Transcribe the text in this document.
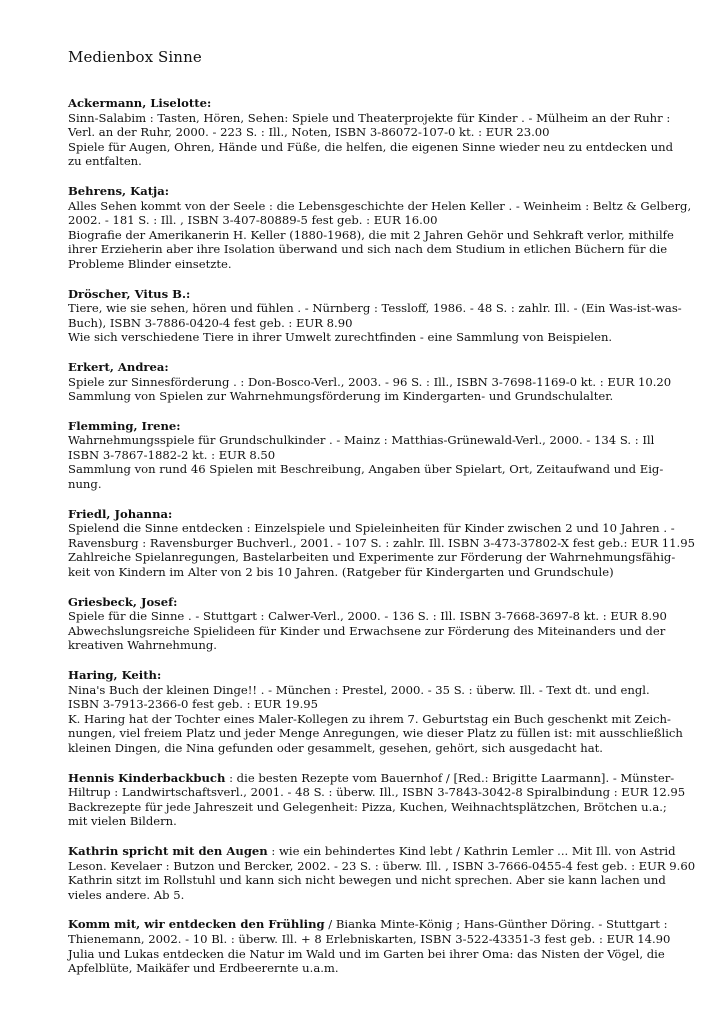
Medienbox Sinne
Ackermann, Liselotte:
Sinn-Salabim : Tasten, Hören, Sehen: Spiele und Theaterprojekte für Kinder . - Mülheim an der Ruhr :
Verl. an der Ruhr, 2000. - 223 S. : Ill., Noten, ISBN 3-86072-107-0 kt. : EUR 23.00
Spiele für Augen, Ohren, Hände und Füße, die helfen, die eigenen Sinne wieder neu zu entdecken und
zu entfalten.
Behrens, Katja:
Alles Sehen kommt von der Seele : die Lebensgeschichte der Helen Keller . - Weinheim : Beltz & Gelberg,
2002. - 181 S. : Ill. , ISBN 3-407-80889-5 fest geb. : EUR 16.00
Biografie der Amerikanerin H. Keller (1880-1968), die mit 2 Jahren Gehör und Sehkraft verlor, mithilfe
ihrer Erzieherin aber ihre Isolation überwand und sich nach dem Studium in etlichen Büchern für die
Probleme Blinder einsetzte.
Dröscher, Vitus B.:
Tiere, wie sie sehen, hören und fühlen . - Nürnberg : Tessloff, 1986. - 48 S. : zahlr. Ill. - (Ein Was-ist-was-
Buch), ISBN 3-7886-0420-4 fest geb. : EUR 8.90
Wie sich verschiedene Tiere in ihrer Umwelt zurechtfinden - eine Sammlung von Beispielen.
Erkert, Andrea:
Spiele zur Sinnesförderung . : Don-Bosco-Verl., 2003. - 96 S. : Ill., ISBN 3-7698-1169-0 kt. : EUR 10.20
Sammlung von Spielen zur Wahrnehmungsförderung im Kindergarten- und Grundschulalter.
Flemming, Irene:
Wahrnehmungsspiele für Grundschulkinder . - Mainz : Matthias-Grünewald-Verl., 2000. - 134 S. : Ill
ISBN 3-7867-1882-2 kt. : EUR 8.50
Sammlung von rund 46 Spielen mit Beschreibung, Angaben über Spielart, Ort, Zeitaufwand und Eig-
nung.
Friedl, Johanna:
Spielend die Sinne entdecken : Einzelspiele und Spieleinheiten für Kinder zwischen 2 und 10 Jahren . -
Ravensburg : Ravensburger Buchverl., 2001. - 107 S. : zahlr. Ill. ISBN 3-473-37802-X fest geb.: EUR 11.95
Zahlreiche Spielanregungen, Bastelarbeiten und Experimente zur Förderung der Wahrnehmungsfähig-
keit von Kindern im Alter von 2 bis 10 Jahren. (Ratgeber für Kindergarten und Grundschule)
Griesbeck, Josef:
Spiele für die Sinne . - Stuttgart : Calwer-Verl., 2000. - 136 S. : Ill. ISBN 3-7668-3697-8 kt. : EUR 8.90
Abwechslungsreiche Spielideen für Kinder und Erwachsene zur Förderung des Miteinanders und der
kreativen Wahrnehmung.
Haring, Keith:
Nina's Buch der kleinen Dinge!! . - München : Prestel, 2000. - 35 S. : überw. Ill. - Text dt. und engl.
ISBN 3-7913-2366-0 fest geb. : EUR 19.95
K. Haring hat der Tochter eines Maler-Kollegen zu ihrem 7. Geburtstag ein Buch geschenkt mit Zeich-
nungen, viel freiem Platz und jeder Menge Anregungen, wie dieser Platz zu füllen ist: mit ausschließlich
kleinen Dingen, die Nina gefunden oder gesammelt, gesehen, gehört, sich ausgedacht hat.
Hennis Kinderbackbuch : die besten Rezepte vom Bauernhof / [Red.: Brigitte Laarmann]. - Münster-
Hiltrup : Landwirtschaftsverl., 2001. - 48 S. : überw. Ill., ISBN 3-7843-3042-8 Spiralbindung : EUR 12.95
Backrezepte für jede Jahreszeit und Gelegenheit: Pizza, Kuchen, Weihnachtsplätzchen, Brötchen u.a.;
mit vielen Bildern.
Kathrin spricht mit den Augen : wie ein behindertes Kind lebt / Kathrin Lemler ... Mit Ill. von Astrid
Leson. Kevelaer : Butzon und Bercker, 2002. - 23 S. : überw. Ill. , ISBN 3-7666-0455-4 fest geb. : EUR 9.60
Kathrin sitzt im Rollstuhl und kann sich nicht bewegen und nicht sprechen. Aber sie kann lachen und
vieles andere. Ab 5.
Komm mit, wir entdecken den Frühling / Bianka Minte-König ; Hans-Günther Döring. - Stuttgart :
Thienemann, 2002. - 10 Bl. : überw. Ill. + 8 Erlebniskarten, ISBN 3-522-43351-3 fest geb. : EUR 14.90
Julia und Lukas entdecken die Natur im Wald und im Garten bei ihrer Oma: das Nisten der Vögel, die
Apfelblüte, Maikäfer und Erdbeerernte u.a.m.
